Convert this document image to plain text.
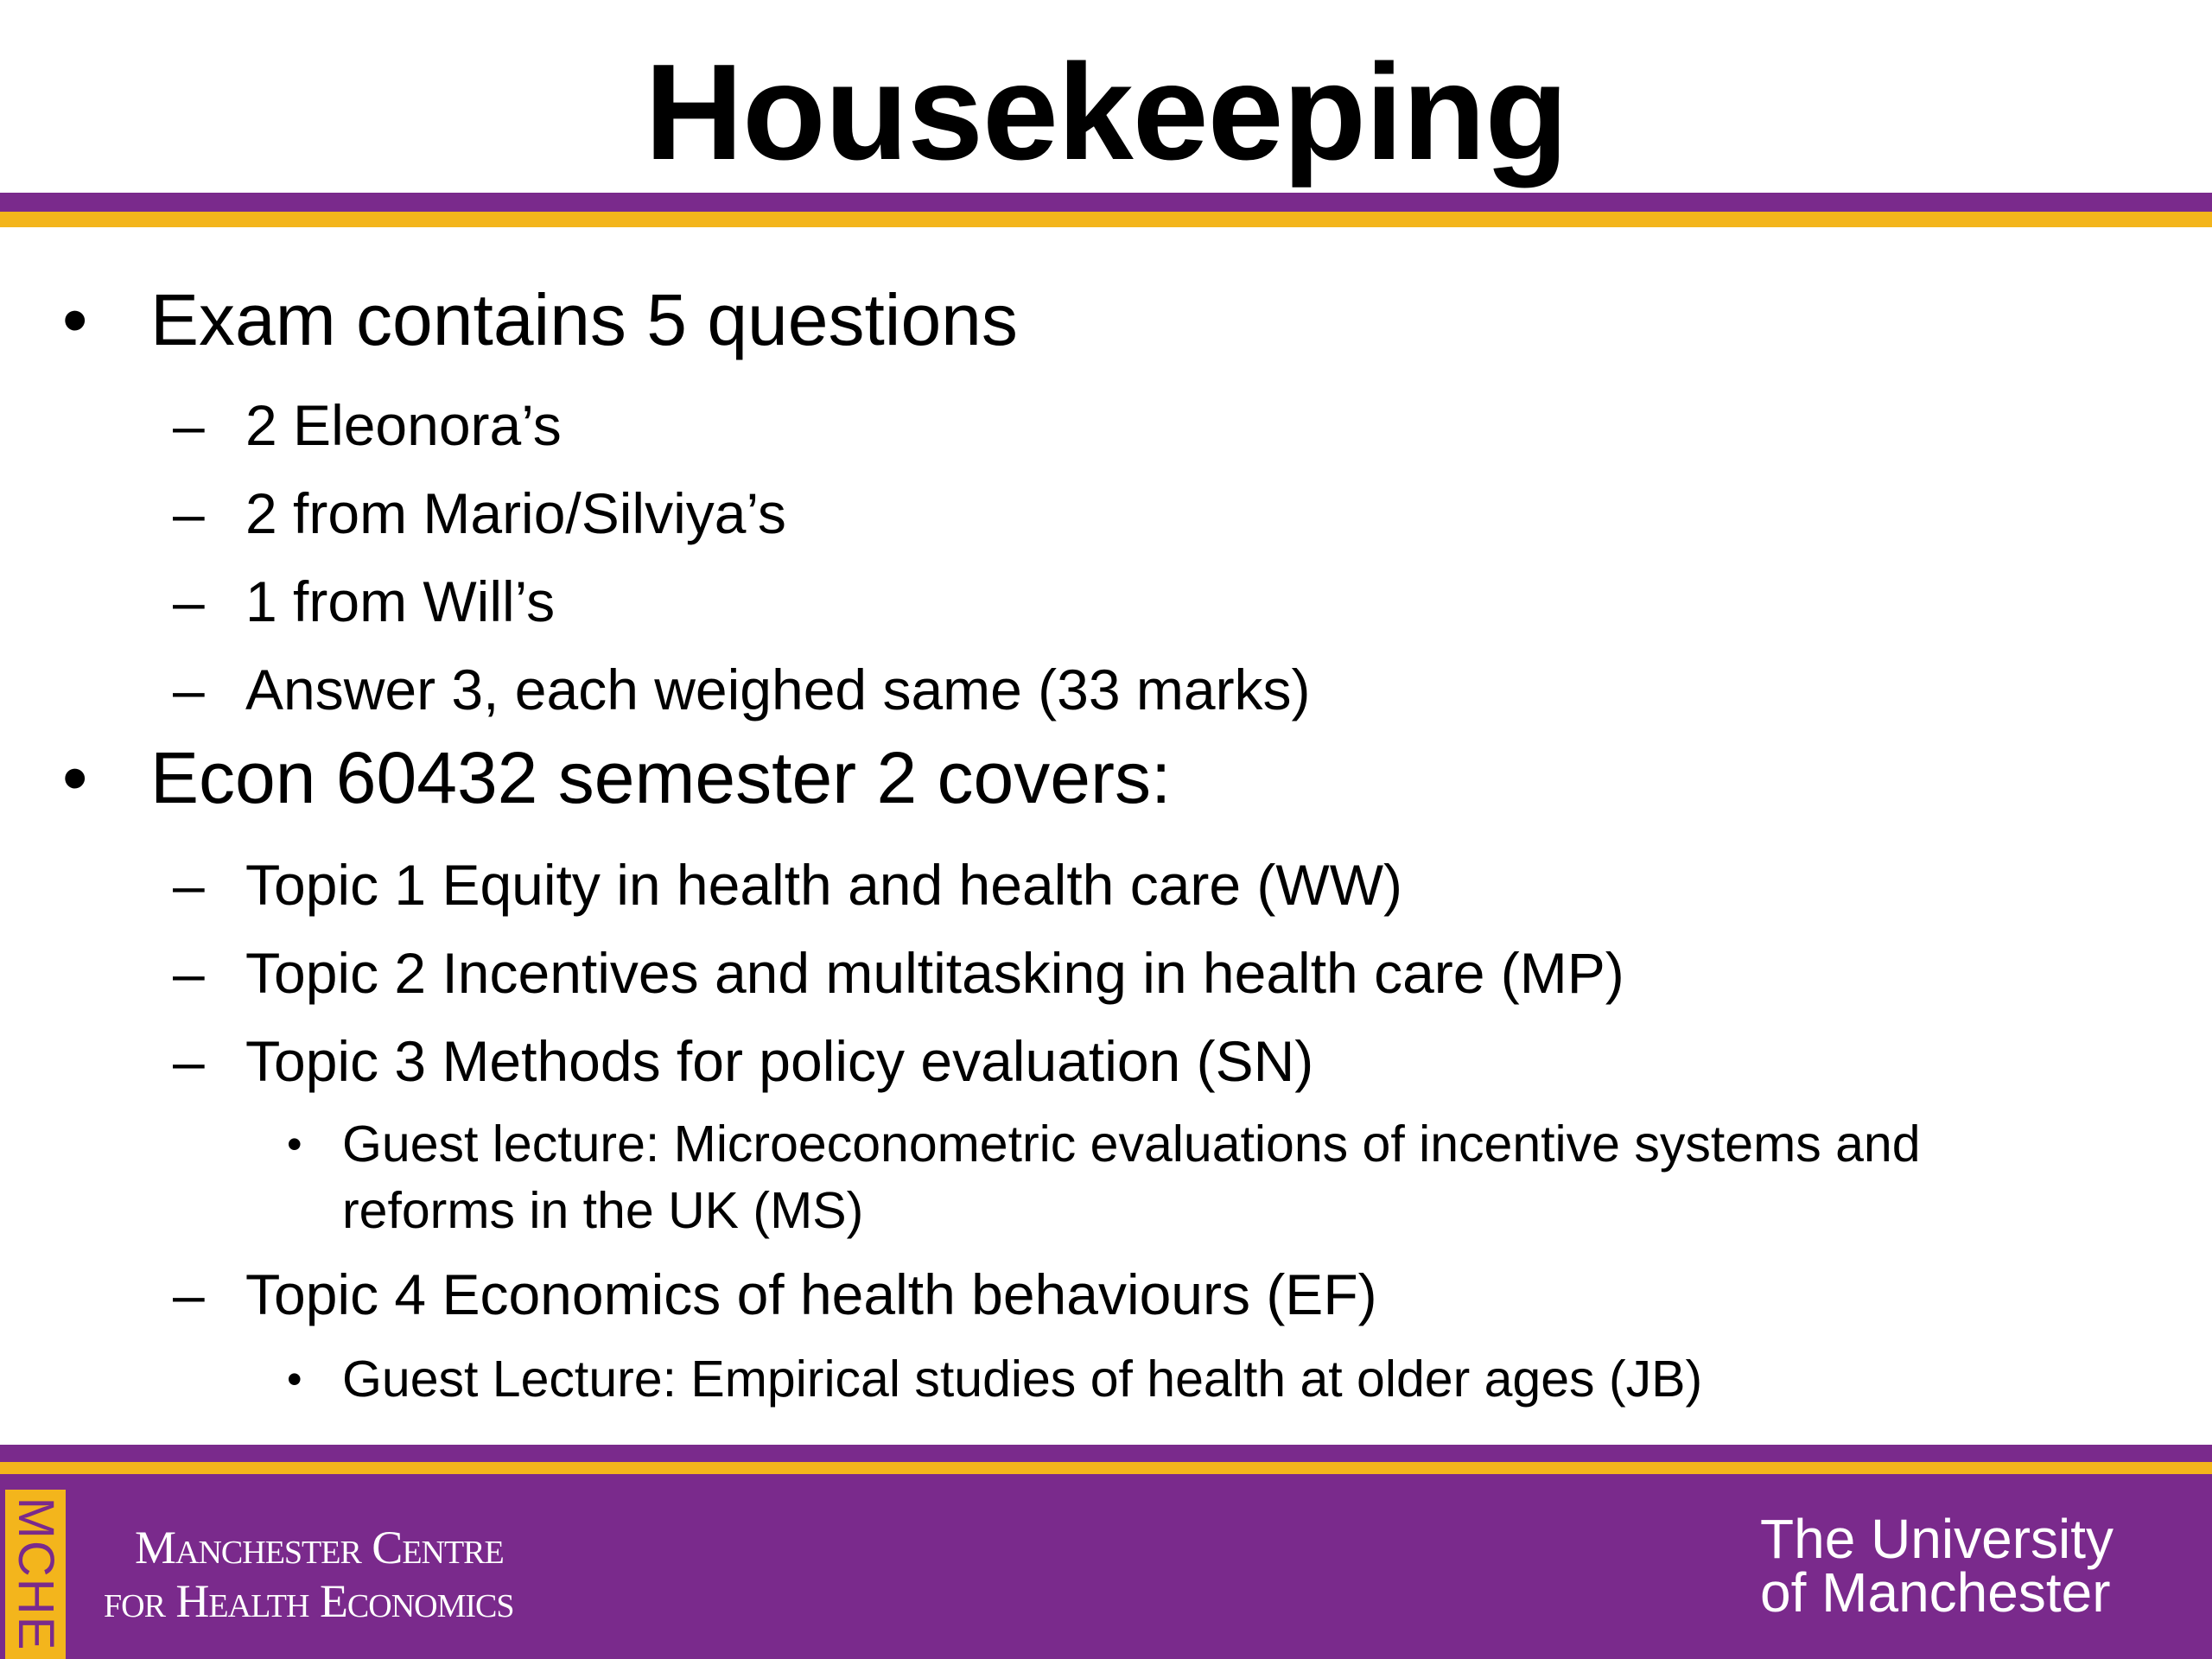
Housekeeping
• Exam contains 5 questions
– 2 Eleonora’s
– 2 from Mario/Silviya’s
– 1 from Will’s
– Answer 3, each weighed same (33 marks)
• Econ 60432 semester 2 covers:
– Topic 1 Equity in health and health care (WW)
– Topic 2 Incentives and multitasking in health care (MP)
– Topic 3 Methods for policy evaluation (SN)
• Guest lecture: Microeconometric evaluations of incentive systems and reforms in the UK (MS)
– Topic 4 Economics of health behaviours (EF)
• Guest Lecture: Empirical studies of health at older ages (JB)
MCHE	Manchester Centre
for Health Economics
The University
of Manchester
